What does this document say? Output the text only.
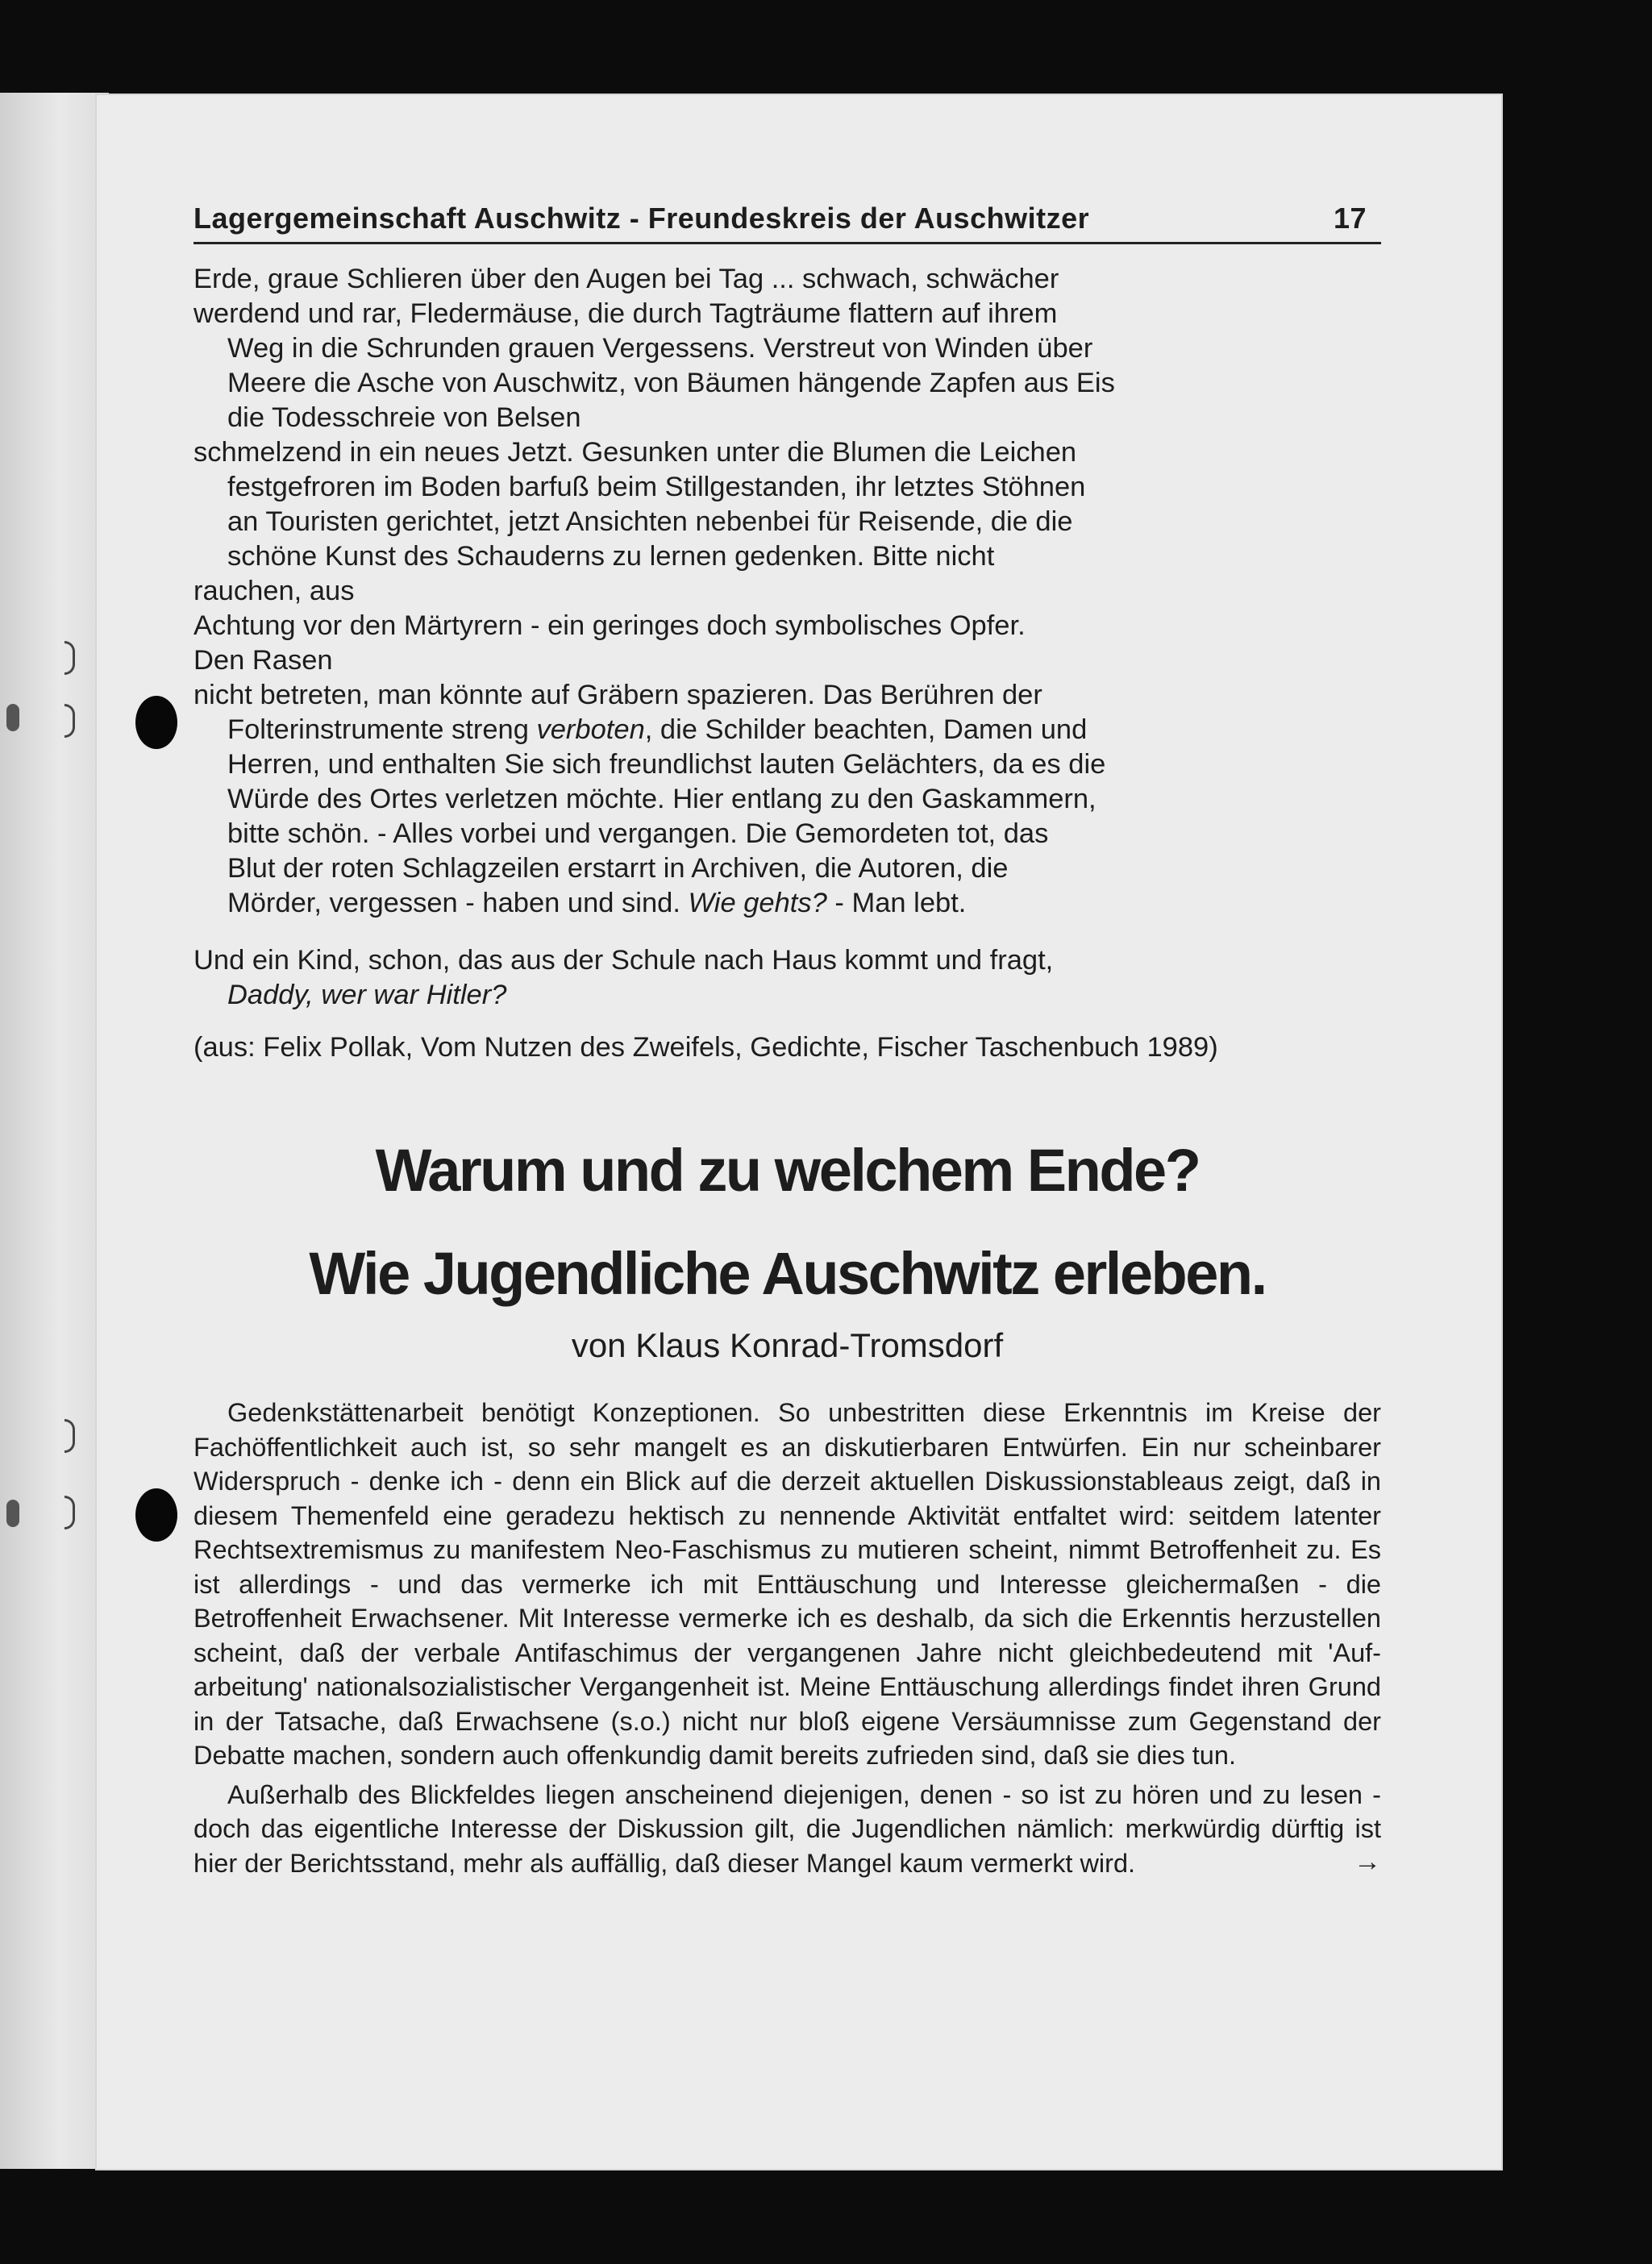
Lagergemeinschaft Auschwitz - Freundeskreis der Auschwitzer	17
Erde, graue Schlieren über den Augen bei Tag ... schwach, schwächer
werdend und rar, Fledermäuse, die durch Tagträume flattern auf ihrem
Weg in die Schrunden grauen Vergessens. Verstreut von Winden über
Meere die Asche von Auschwitz, von Bäumen hängende Zapfen aus Eis
die Todesschreie von Belsen
schmelzend in ein neues Jetzt. Gesunken unter die Blumen die Leichen
festgefroren im Boden barfuß beim Stillgestanden, ihr letztes Stöhnen
an Touristen gerichtet, jetzt Ansichten nebenbei für Reisende, die die
schöne Kunst des Schauderns zu lernen gedenken. Bitte nicht
rauchen, aus
Achtung vor den Märtyrern - ein geringes doch symbolisches Opfer.
Den Rasen
nicht betreten, man könnte auf Gräbern spazieren. Das Berühren der
Folterinstrumente streng verboten, die Schilder beachten, Damen und
Herren, und enthalten Sie sich freundlichst lauten Gelächters, da es die
Würde des Ortes verletzen möchte. Hier entlang zu den Gaskammern,
bitte schön. - Alles vorbei und vergangen. Die Gemordeten tot, das
Blut der roten Schlagzeilen erstarrt in Archiven, die Autoren, die
Mörder, vergessen - haben und sind. Wie gehts? - Man lebt.
Und ein Kind, schon, das aus der Schule nach Haus kommt und fragt,
Daddy, wer war Hitler?
(aus: Felix Pollak, Vom Nutzen des Zweifels, Gedichte, Fischer Taschenbuch 1989)
Warum und zu welchem Ende?
Wie Jugendliche Auschwitz erleben.
von Klaus Konrad-Tromsdorf

Gedenkstättenarbeit benötigt Konzeptionen. So unbestritten diese Erkenntnis im Kreise der Fachöffentlichkeit auch ist, so sehr mangelt es an diskutierbaren Entwürfen. Ein nur scheinbarer Widerspruch - denke ich - denn ein Blick auf die derzeit aktuellen Diskussionstableaus zeigt, daß in diesem Themenfeld eine geradezu hektisch zu nennende Aktivität entfaltet wird: seitdem latenter Rechtsextremismus zu manifestem Neo-Faschismus zu mutieren scheint, nimmt Betroffenheit zu. Es ist allerdings - und das vermerke ich mit Enttäuschung und Interesse gleichermaßen - die Betroffenheit Erwachsener. Mit Interesse vermerke ich es deshalb, da sich die Erkenntis herzustellen scheint, daß der verbale Antifaschimus der vergangenen Jahre nicht gleichbedeutend mit 'Auf-arbeitung' nationalsozialistischer Vergangenheit ist. Meine Enttäuschung allerdings findet ihren Grund in der Tatsache, daß Erwachsene (s.o.) nicht nur bloß eigene Versäumnisse zum Gegenstand der Debatte machen, sondern auch offenkundig damit bereits zufrieden sind, daß sie dies tun.

Außerhalb des Blickfeldes liegen anscheinend diejenigen, denen - so ist zu hören und zu lesen - doch das eigentliche Interesse der Diskussion gilt, die Jugendlichen nämlich: merkwürdig dürftig ist hier der Berichtsstand, mehr als auffällig, daß dieser Mangel kaum vermerkt wird.	→
